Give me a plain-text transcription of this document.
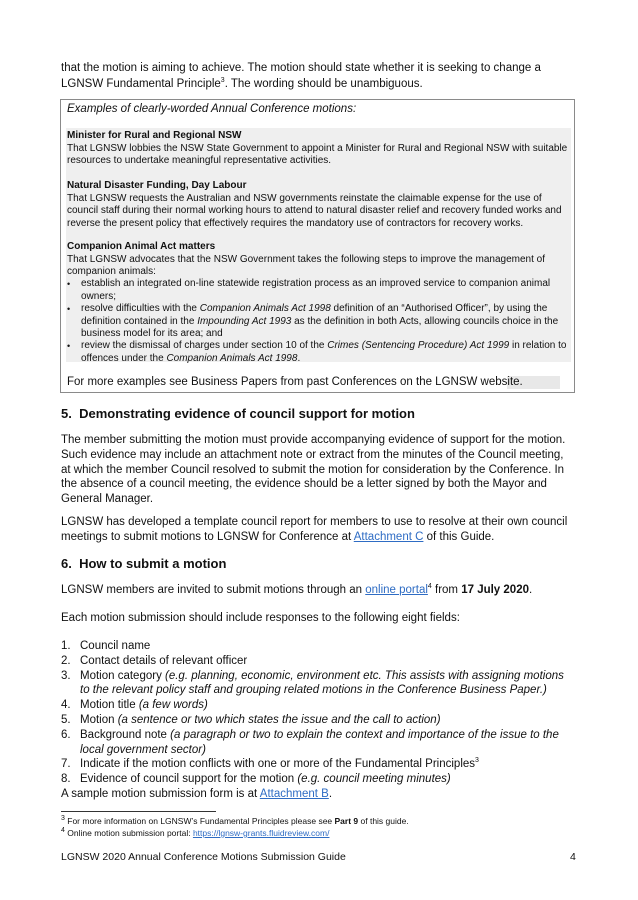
that the motion is aiming to achieve. The motion should state whether it is seeking to change a LGNSW Fundamental Principle$^3$. The wording should be unambiguous.

Examples of clearly-worded Annual Conference motions:
Minister for Rural and Regional NSW
That LGNSW lobbies the NSW State Government to appoint a Minister for Rural and Regional NSW with suitable resources to undertake meaningful representative activities.
Natural Disaster Funding, Day Labour
That LGNSW requests the Australian and NSW governments reinstate the claimable expense for the use of council staff during their normal working hours to attend to natural disaster relief and recovery funded works and reverse the present policy that effectively requires the mandatory use of contractors for recovery works.
Companion Animal Act matters
That LGNSW advocates that the NSW Government takes the following steps to improve the management of companion animals:
• establish an integrated on-line statewide registration process as an improved service to companion animal owners;
• resolve difficulties with the Companion Animals Act 1998 definition of an “Authorised Officer”, by using the definition contained in the Impounding Act 1993 as the definition in both Acts, allowing councils choice in the business model for its area; and
• review the dismissal of charges under section 10 of the Crimes (Sentencing Procedure) Act 1999 in relation to offences under the Companion Animals Act 1998.
For more examples see Business Papers from past Conferences on the LGNSW website.
5. Demonstrating evidence of council support for motion

The member submitting the motion must provide accompanying evidence of support for the motion. Such evidence may include an attachment note or extract from the minutes of the Council meeting, at which the member Council resolved to submit the motion for consideration by the Conference. In the absence of a council meeting, the evidence should be a letter signed by both the Mayor and General Manager.

LGNSW has developed a template council report for members to use to resolve at their own council meetings to submit motions to LGNSW for Conference at Attachment C of this Guide.

6. How to submit a motion

LGNSW members are invited to submit motions through an online portal$^4$ from 17 July 2020.

Each motion submission should include responses to the following eight fields:

1. Council name
2. Contact details of relevant officer
3. Motion category (e.g. planning, economic, environment etc. This assists with assigning motions to the relevant policy staff and grouping related motions in the Conference Business Paper.)
4. Motion title (a few words)
5. Motion (a sentence or two which states the issue and the call to action)
6. Background note (a paragraph or two to explain the context and importance of the issue to the local government sector)
7. Indicate if the motion conflicts with one or more of the Fundamental Principles$^3$
8. Evidence of council support for the motion (e.g. council meeting minutes)

A sample motion submission form is at Attachment B.

$^3$ For more information on LGNSW’s Fundamental Principles please see Part 9 of this guide.
$^4$ Online motion submission portal: https://lgnsw-grants.fluidreview.com/
LGNSW 2020 Annual Conference Motions Submission Guide	4
